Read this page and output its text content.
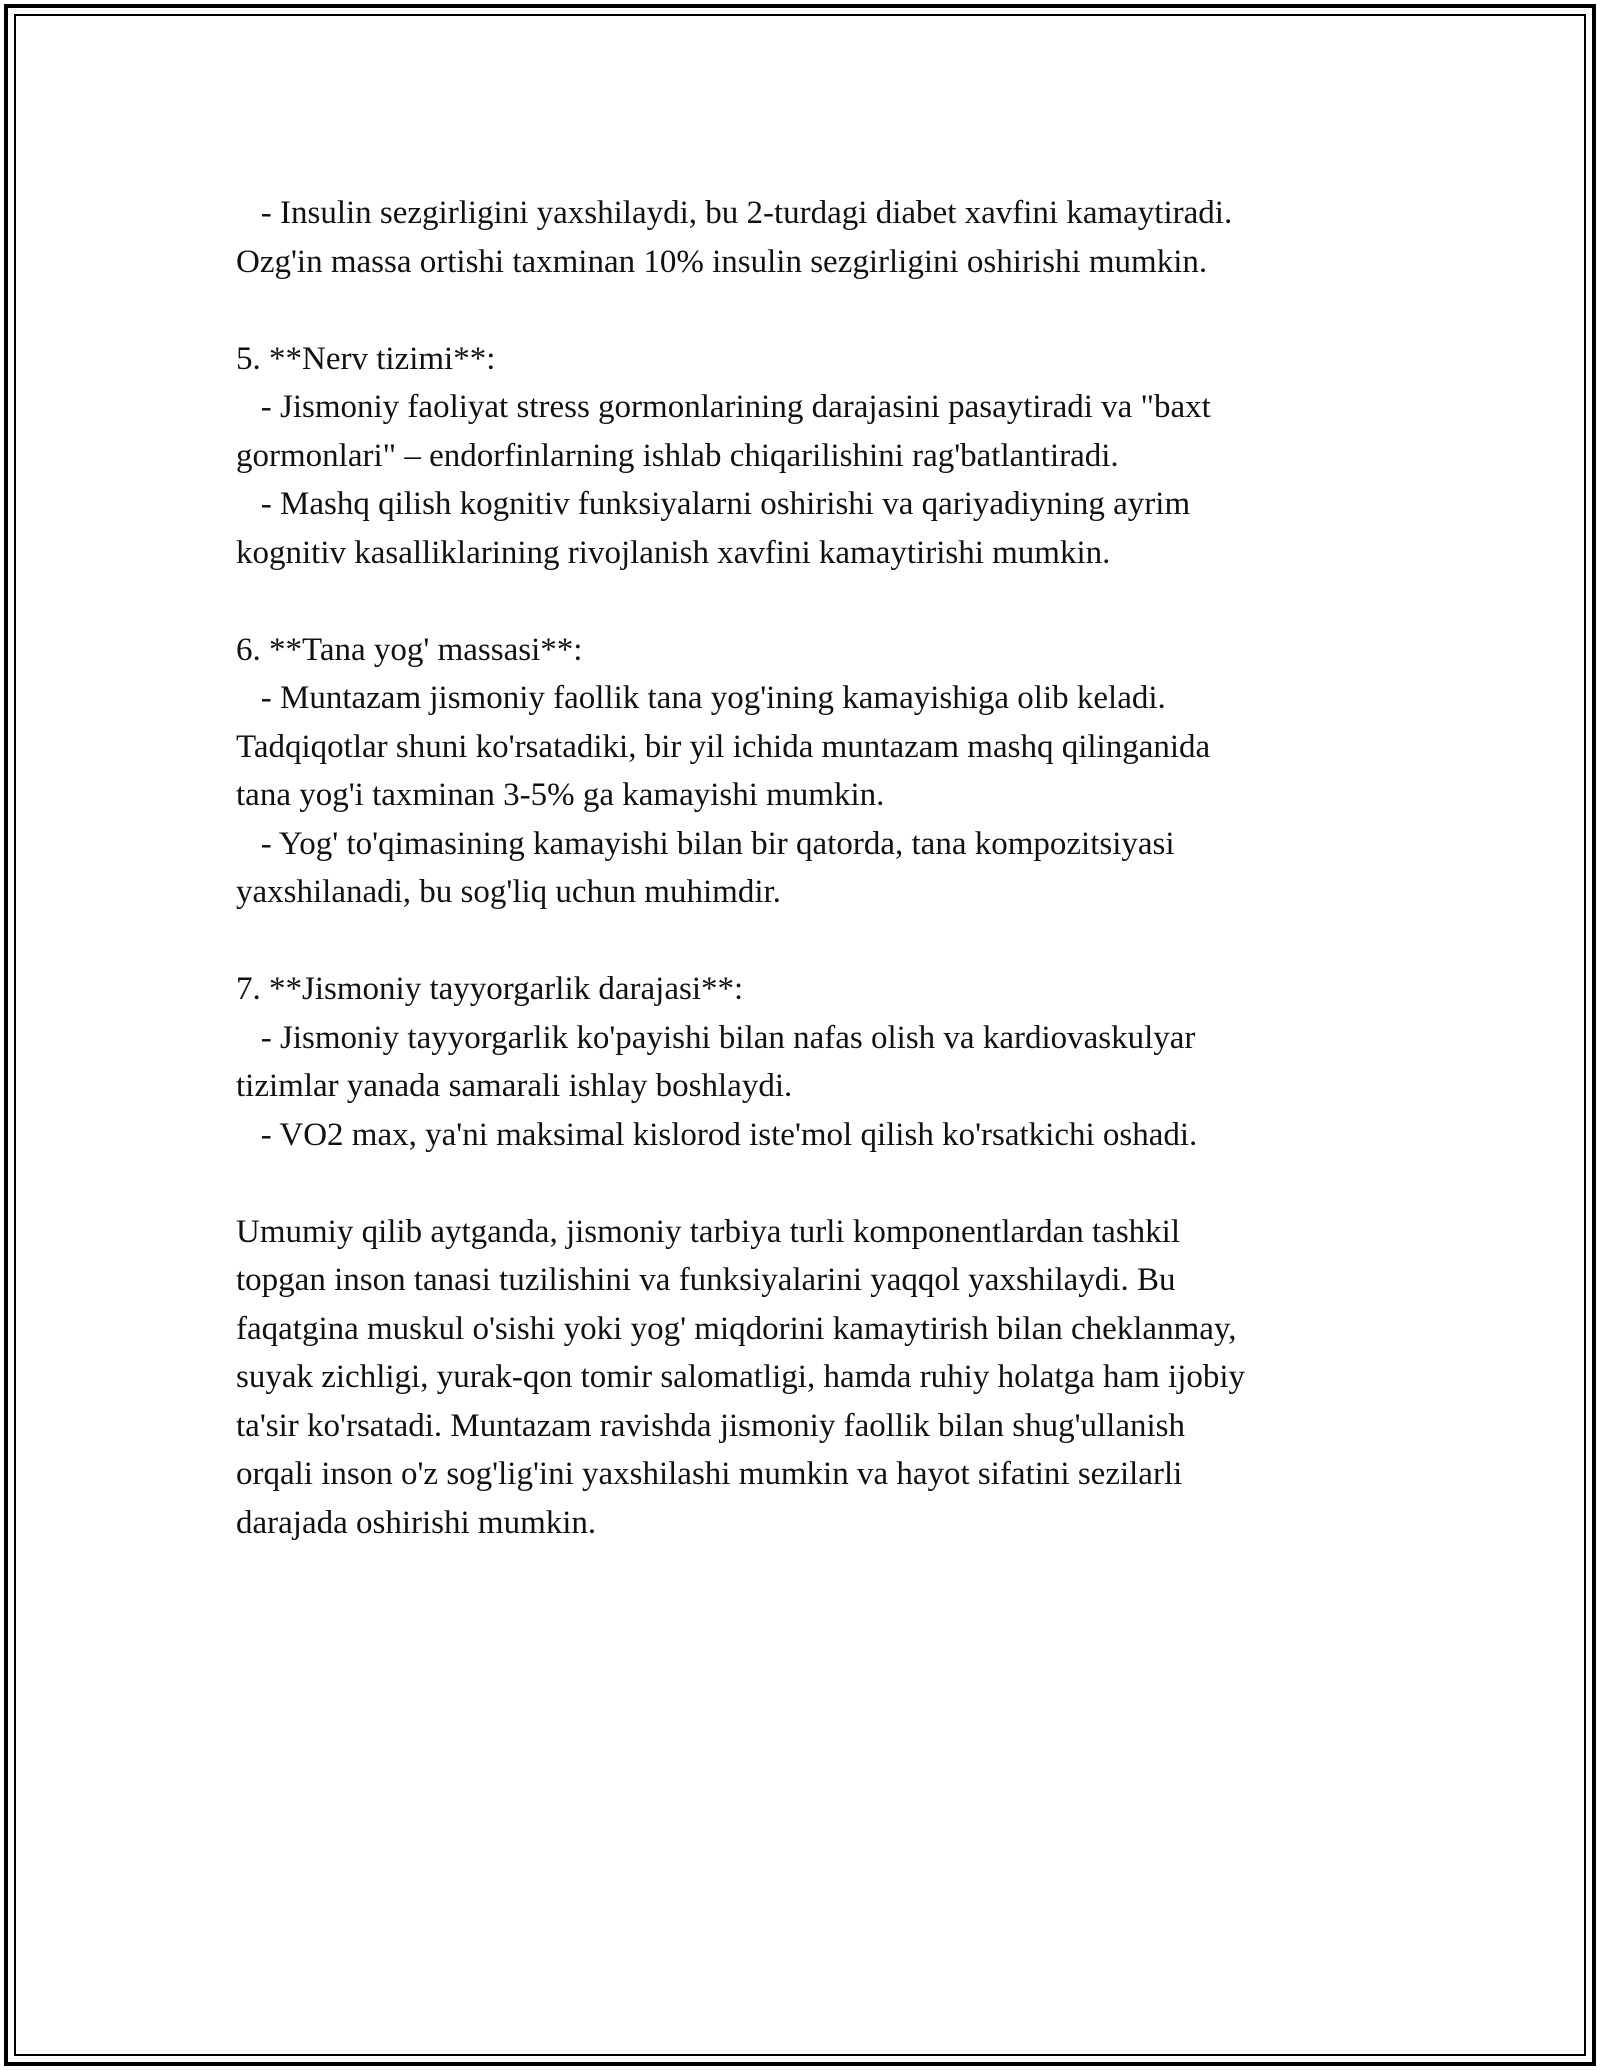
- Insulin sezgirligini yaxshilaydi, bu 2-turdagi diabet xavfini kamaytiradi.
Ozg'in massa ortishi taxminan 10% insulin sezgirligini oshirishi mumkin.
5. **Nerv tizimi**:
- Jismoniy faoliyat stress gormonlarining darajasini pasaytiradi va "baxt
gormonlari" – endorfinlarning ishlab chiqarilishini rag'batlantiradi.
- Mashq qilish kognitiv funksiyalarni oshirishi va qariyadiyning ayrim
kognitiv kasalliklarining rivojlanish xavfini kamaytirishi mumkin.
6. **Tana yog' massasi**:
- Muntazam jismoniy faollik tana yog'ining kamayishiga olib keladi.
Tadqiqotlar shuni ko'rsatadiki, bir yil ichida muntazam mashq qilinganida
tana yog'i taxminan 3-5% ga kamayishi mumkin.
- Yog' to'qimasining kamayishi bilan bir qatorda, tana kompozitsiyasi
yaxshilanadi, bu sog'liq uchun muhimdir.
7. **Jismoniy tayyorgarlik darajasi**:
- Jismoniy tayyorgarlik ko'payishi bilan nafas olish va kardiovaskulyar
tizimlar yanada samarali ishlay boshlaydi.
- VO2 max, ya'ni maksimal kislorod iste'mol qilish ko'rsatkichi oshadi.
Umumiy qilib aytganda, jismoniy tarbiya turli komponentlardan tashkil
topgan inson tanasi tuzilishini va funksiyalarini yaqqol yaxshilaydi. Bu
faqatgina muskul o'sishi yoki yog' miqdorini kamaytirish bilan cheklanmay,
suyak zichligi, yurak-qon tomir salomatligi, hamda ruhiy holatga ham ijobiy
ta'sir ko'rsatadi. Muntazam ravishda jismoniy faollik bilan shug'ullanish
orqali inson o'z sog'lig'ini yaxshilashi mumkin va hayot sifatini sezilarli
darajada oshirishi mumkin.
